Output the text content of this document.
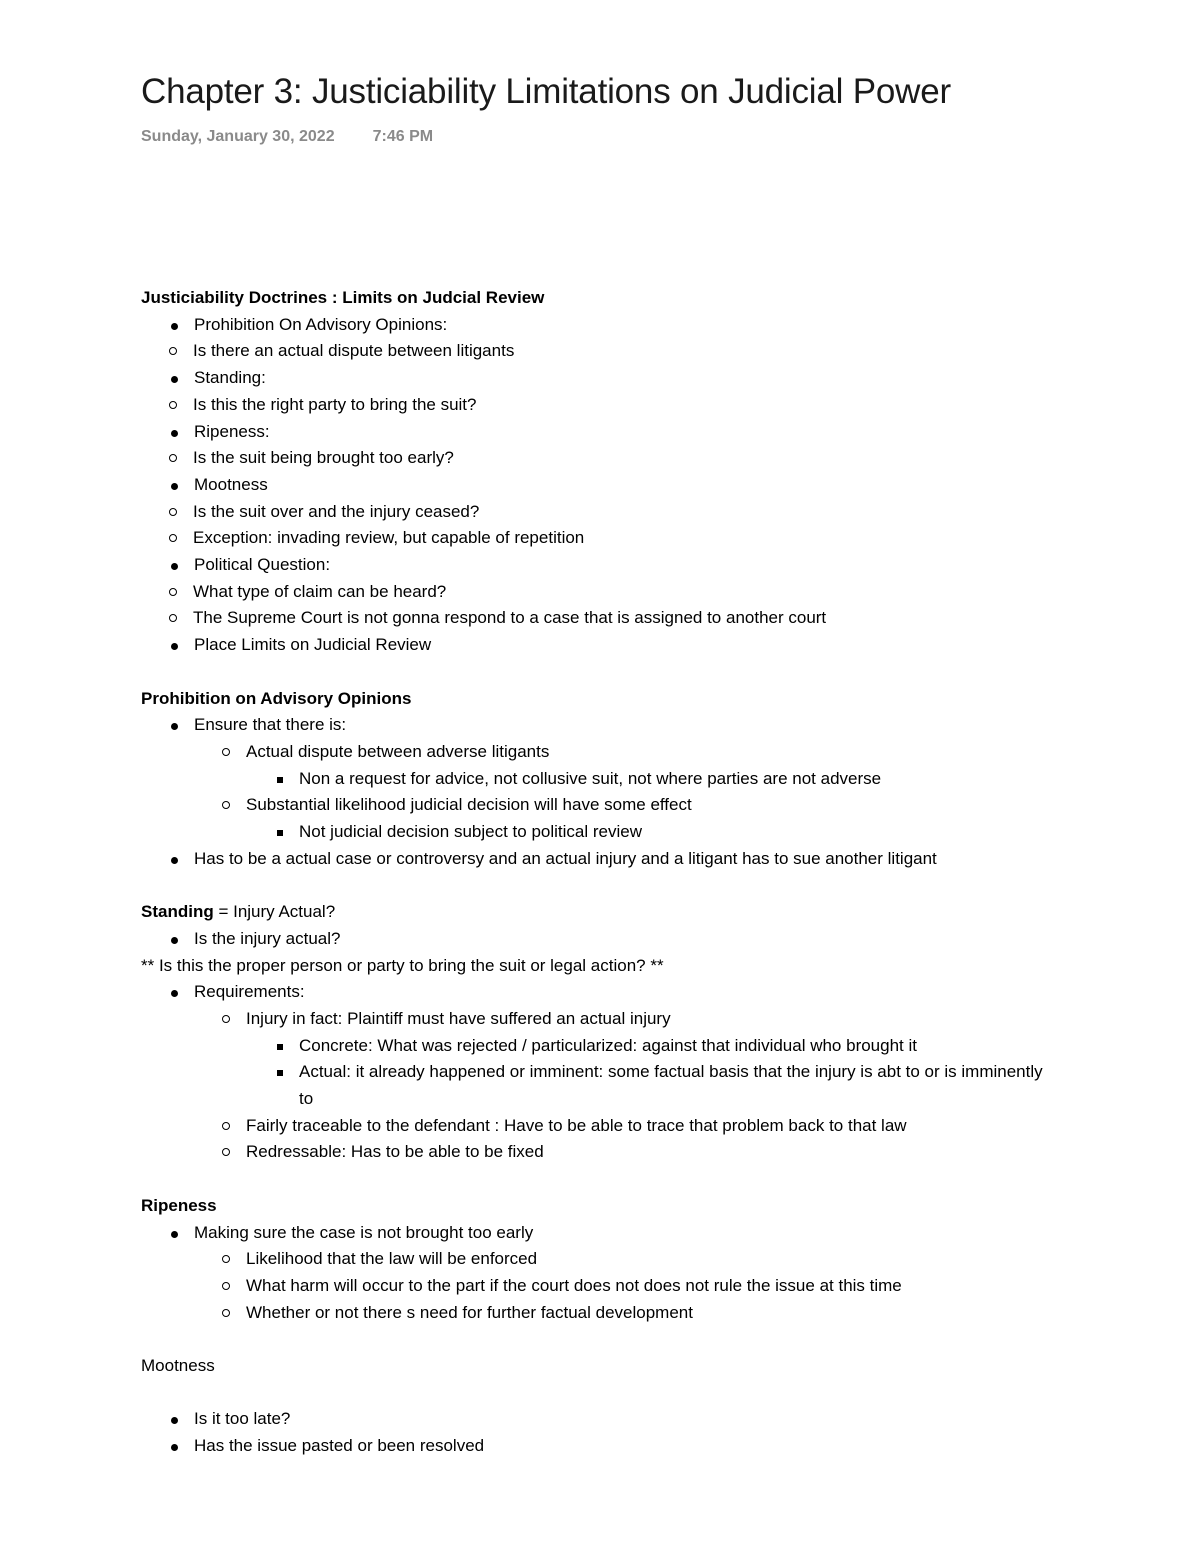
Chapter 3: Justiciability Limitations on Judicial Power
Sunday, January 30, 2022 7:46 PM
Justiciability Doctrines : Limits on Judcial Review
Prohibition On Advisory Opinions:
Is there an actual dispute between litigants
Standing:
Is this the right party to bring the suit?
Ripeness:
Is the suit being brought too early?
Mootness
Is the suit over and the injury ceased?
Exception: invading review, but capable of repetition
Political Question:
What type of claim can be heard?
The Supreme Court is not gonna respond to a case that is assigned to another court
Place Limits on Judicial Review
Prohibition on Advisory Opinions
Ensure that there is:
Actual dispute between adverse litigants
Non a request for advice, not collusive suit, not where parties are not adverse
Substantial likelihood judicial decision will have some effect
Not judicial decision subject to political review
Has to be a actual case or controversy and an actual injury and a litigant has to sue another litigant
Standing = Injury Actual?
Is the injury actual?
** Is this the proper person or party to bring the suit or legal action? **
Requirements:
Injury in fact: Plaintiff must have suffered an actual injury
Concrete: What was rejected / particularized: against that individual who brought it
Actual: it already happened or imminent: some factual basis that the injury is abt to or is imminently to
Fairly traceable to the defendant : Have to be able to trace that problem back to that law
Redressable: Has to be able to be fixed
Ripeness
Making sure the case is not brought too early
Likelihood that the law will be enforced
What harm will occur to the part if the court does not does not rule the issue at this time
Whether or not there s need for further factual development
Mootness
Is it too late?
Has the issue pasted or been resolved
